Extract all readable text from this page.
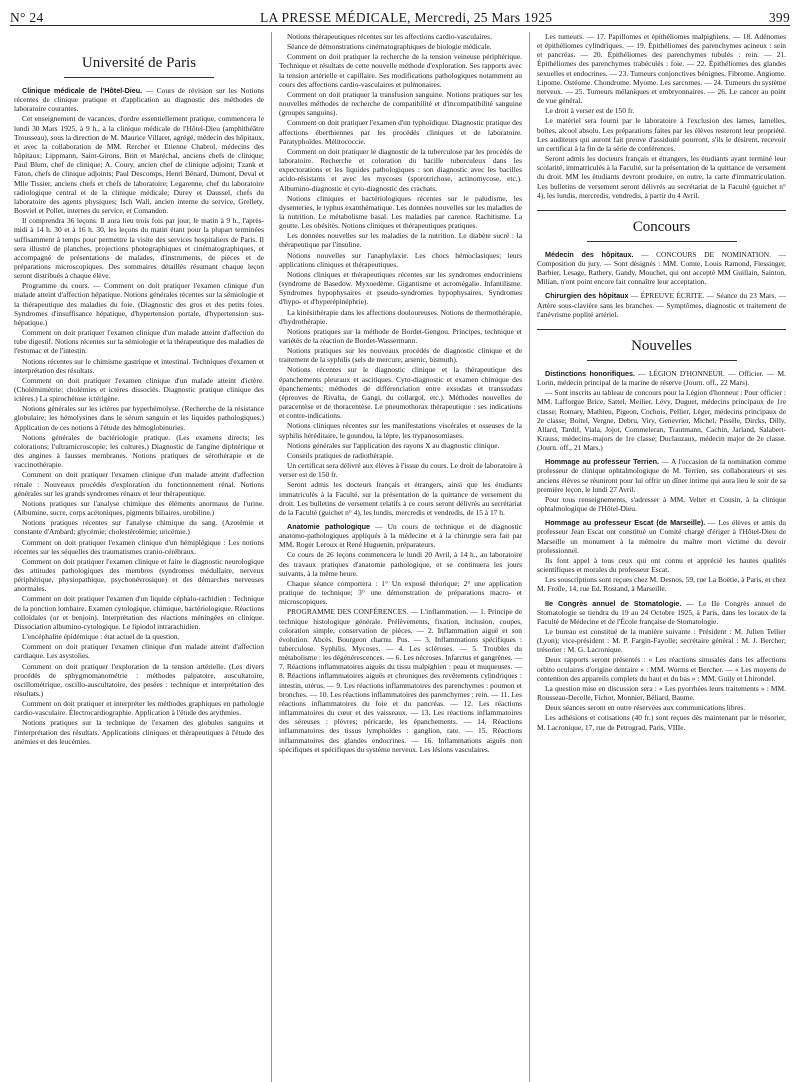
N° 24	LA PRESSE MÉDICALE, Mercredi, 25 Mars 1925	399
Université de Paris

Clinique médicale de l'Hôtel-Dieu. — Cours de révision sur les Notions récentes de clinique pratique et d'application au diagnostic des méthodes de laboratoire courantes.

Cet enseignement de vacances, d'ordre essentiellement pratique, commencera le lundi 30 Mars 1925, à 9 h., à la clinique médicale de l'Hôtel-Dieu (amphithéâtre Trousseau), sous la direction de M. Maurice Villaret, agrégé, médecin des hôpitaux, et avec la collaboration de MM. Rercher et Etienne Chabrol, médecins des hôpitaux; Lippmann, Saint-Girons, Brin et Maréchal, anciens chefs de clinique; Paul Blum, chef de clinique; A. Coury, ancien chef de clinique adjoint; Tzank et Faton, chefs de clinique adjoints; Paul Descomps, Henri Bénard, Dumont, Deval et Mlle Tissier, anciens chefs et chefs de laboratoire; Legarenne, chef du laboratoire radiologique central et de la clinique médicale; Durey et Daussel, chefs du laboratoire des agents physiques; Isch Wall, ancien interne du service, Grellety, Bosviel et Pollet, internes du service, et Comandon.

Il comprendra 36 leçons. Il aura lieu trois fois par jour, le matin à 9 h., l'après-midi à 14 h. 30 et à 16 h. 30, les leçons du matin étant pour la plupart terminées suffisamment à temps pour permettre la visite des services hospitaliers de Paris. Il sera illustré de planches, projections photographiques et cinématographiques, et accompagné de présentations de malades, d'instruments, de pièces et de préparations microscopiques. Des sommaires détaillés résumant chaque leçon seront distribués à chaque élève.

Programme du cours. — Comment on doit pratiquer l'examen clinique d'un malade atteint d'affection hépatique. Notions générales récentes sur la sémiologie et la thérapeutique des maladies du foie. (Diagnostic des gros et des petits foies. Syndromes d'insuffisance hépatique, d'hypertension portale, d'hypertension sus-hépatique.)

Comment on doit pratiquer l'examen clinique d'un malade atteint d'affection du tube digestif. Notions récentes sur la sémiologie et la thérapeutique des maladies de l'estomac et de l'intestin.

Notions récentes sur le chimisme gastrique et intestinal. Techniques d'examen et interprétation des résultats.

Comment on doit pratiquer l'examen clinique d'un malade atteint d'ictère. (Cholémimétrie; cholémies et ictères dissociés. Diagnostic pratique clinique des ictères.) La spirochétose ictérigène.

Notions générales sur les ictères par hyperhémolyse. (Recherche de la résistance globulaire; les hémolysines dans le sérum sanguin et les liquides pathologiques.) Application de ces notions à l'étude des hémoglobinuries.

Notions générales de bactériologie pratique. (Les examens directs; les colorations; l'ultramicroscopie; les cultures.) Diagnostic de l'angine diphtérique et des angines à fausses membranes. Notions pratiques de sérothérapie et de vaccinothérapie.

Comment on doit pratiquer l'examen clinique d'un malade atteint d'affection rénale : Nouveaux procédés d'exploration du fonctionnement rénal. Notions générales sur les grands syndromes rénaux et leur thérapeutique.

Notions pratiques sur l'analyse chimique des éléments anormaux de l'urine. (Albumine, sucre, corps acétoniques, pigments biliaires, urobiline.)

Notions pratiques récentes sur l'analyse chimique du sang. (Azotémie et constante d'Ambard; glycémie; cholestérolémie; uricémie.)

Comment on doit pratiquer l'examen clinique d'un hémiplégique : Les notions récentes sur les séquelles des traumatismes cranio-cérébraux.

Comment on doit pratiquer l'examen clinique et faire le diagnostic neurologique des attitudes pathologiques des membres (syndromes médullaire, nerveux périphérique, physiopathique, psychonévrosique) et des démarches nerveuses anormales.

Comment on doit pratiquer l'examen d'un liquide céphalo-rachidien : Technique de la ponction lombaire. Examen cytologique, chimique, bactériologique. Réactions colloïdales (or et benjoin). Interprétation des réactions méningées en clinique. Dissociation albumino-cytologique. Le lipiodol intrarachidien.

L'encéphalite épidémique : état actuel de la question.

Comment on doit pratiquer l'examen clinique d'un malade atteint d'affection cardiaque. Les asystolies.

Comment on doit pratiquer l'exploration de la tension artérielle. (Les divers procédés de sphygmomanométrie : méthodes palpatoire, auscultatoire, oscillométrique, oscillo-auscultatoire, des pesées : technique et interprétation des résultats.)

Comment on doit pratiquer et interpréter les méthodes graphiques en pathologie cardio-vasculaire. Électrocardiographie. Application à l'étude des arythmies.

Notions pratiques sur la technique de l'examen des globules sanguins et l'interprétation des résultats. Applications cliniques et thérapeutiques à l'étude des anémies et des leucémies.

Notions thérapeutiques récentes sur les affections cardio-vasculaires.

Séance de démonstrations cinématographiques de biologie médicale.

Comment on doit pratiquer la recherche de la tension veineuse périphérique. Technique et résultats de cette nouvelle méthode d'exploration. Ses rapports avec la tension artérielle et capillaire. Ses modifications pathologiques notamment au cours des affections cardio-vasculaires et pulmonaires.

Comment on doit pratiquer la transfusion sanguine. Notions pratiques sur les nouvelles méthodes de recherche de compatibilité et d'incompatibilité sanguine (groupes sanguins).

Comment on doit pratiquer l'examen d'un typhoïdique. Diagnostic pratique des affections éberthiennes par les procédés cliniques et de laboratoire. Paratyphoïdes. Mélitococcie.

Comment on doit pratiquer le diagnostic de la tuberculose par les procédés de laboratoire. Recherche et coloration du bacille tuberculeux dans les expectorations et les liquides pathologiques : son diagnostic avec les bacilles acido-résistants et avec les mycoses (sporotrichose, actinomycose, etc.). Albumino-diagnostic et cyto-diagnostic des crachats.

Notions cliniques et bactériologiques récentes sur le paludisme, les dysenteries, le typhus exanthématique. Les données nouvelles sur les maladies de la nutrition. Le métabolisme basal. Les maladies par carence. Rachitisme. La goutte. Les obésités. Notions cliniques et thérapeutiques pratiques.

Les données nouvelles sur les maladies de la nutrition. Le diabète sucré : la thérapeutique par l'insuline.

Notions nouvelles sur l'anaphylaxie. Les chocs hémoclasiques; leurs applications cliniques et thérapeutiques.

Notions cliniques et thérapeutiques récentes sur les syndromes endocriniens (syndrome de Basedow. Myxoedème. Gigantisme et acromégalie. Infantilisme. Syndromes hypophysaires et pseudo-syndromes hypophysaires. Syndromes d'hypo- et d'hyperépinéphrie).

La kinésithérapie dans les affections douloureuses. Notions de thermothérapie, d'hydrothérapie.

Notions pratiques sur la méthode de Bordet-Gengou. Principes, technique et variétés de la réaction de Bordet-Wassermann.

Notions pratiques sur les nouveaux procédés de diagnostic clinique et de traitement de la syphilis (sels de mercure, arsenic, bismuth).

Notions récentes sur le diagnostic clinique et la thérapeutique des épanchements pleuraux et ascitiques. Cyto-diagnostic et examen chimique des épanchements; méthodes de différenciation entre exsudats et transsudats (épreuves de Rivalta, de Gangi, du collargol, etc.). Méthodes nouvelles de paracentèse et de thoracentèse. Le pneumothorax thérapeutique : ses indications et contre-indications.

Notions cliniques récentes sur les manifestations viscérales et osseuses de la syphilis héréditaire, le goundou, la lèpre, les trypanosomiases.

Notions générales sur l'application des rayons X au diagnostic clinique.

Conseils pratiques de radiothérapie.

Un certificat sera délivré aux élèves à l'issue du cours. Le droit de laboratoire à verser est de 150 fr.

Seront admis les docteurs français et étrangers, ainsi que les étudiants immatriculés à la Faculté, sur la présentation de la quittance de versement du droit. Les bulletins de versement relatifs à ce cours seront délivrés au secrétariat de la Faculté (guichet n° 4), les lundis, mercredis et vendredis, de 15 à 17 h.

Anatomie pathologique — Un cours de technique et de diagnostic anatomo-pathologiques appliqués à la médecine et à la chirurgie sera fait par MM. Roger Leroux et René Huguenin, préparateurs.

Ce cours de 26 leçons commencera le lundi 20 Avril, à 14 h., au laboratoire des travaux pratiques d'anatomie pathologique, et se continuera les jours suivants, à la même heure.

Chaque séance comportera : 1° Un exposé théorique; 2° une application pratique de technique; 3° une démonstration de préparations macro- et microscopiques.

PROGRAMME DES CONFÉRENCES. — L'inflammation. — 1. Principe de technique histologique générale. Prélèvements, fixation, inclusion, coupes, coloration simple, conservation de pièces. — 2. Inflammation aiguë et son évolution. Abcès. Bourgeon charnu. Pus. — 3. Inflammations spécifiques : tuberculose. Syphilis. Mycoses. — 4. Les scléroses. — 5. Troubles du métabolisme : les dégénérescences. — 6. Les nécroses. Infarctus et gangrènes. — 7. Réactions inflammatoires aiguës du tissu malpighien : peau et muqueuses. — 8. Réactions inflammatoires aiguës et chroniques des revêtements cylindriques : intestin, utérus. — 9. Les réactions inflammatoires des parenchymes : poumon et bronches. — 10. Les réactions inflammatoires des parenchymes : rein. — 11. Les réactions inflammatoires du foie et du pancréas. — 12. Les réactions inflammatoires du cœur et des vaisseaux. — 13. Les réactions inflammatoires des séreuses : plèvres; péricarde, les épanchements. — 14. Réactions inflammatoires des tissus lymphoïdes : ganglion, rate. — 15. Réactions inflammatoires des glandes endocrines. — 16. Inflammations aiguës non spécifiques et spécifiques du système nerveux. Les lésions vasculaires.

Les tumeurs. — 17. Papillomes et épithéliomes malpighiens. — 18. Adénomes et épithéliomes cylindriques. — 19. Épithéliomes des parenchymes acineux : sein et pancréas. — 20. Épithéliomes des parenchymes tubulés : rein. — 21. Épithéliomes des parenchymes trabéculés : foie. — 22. Épithéliomes des glandes sexuelles et endocrines. — 23. Tumeurs conjonctives bénignes. Fibrome. Angiome. Lipome. Ostéome. Chondrome. Myome. Les sarcomes. — 24. Tumeurs du système nerveux. — 25. Tumeurs mélaniques et embryonnaires. — 26. Le cancer au point de vue général.

Le droit à verser est de 150 fr.

Le matériel sera fourni par le laboratoire à l'exclusion des lames, lamelles, boîtes, alcool absolu. Les préparations faites par les élèves resteront leur propriété. Les auditeurs qui auront fait preuve d'assiduité pourront, s'ils le désirent, recevoir un certificat à la fin de la série de conférences.

Seront admis les docteurs français et étrangers, les étudiants ayant terminé leur scolarité, immatriculés à la Faculté, sur la présentation de la quittance de versement du droit. MM les étudiants devront produire, en outre, la carte d'immatriculation. Les bulletins de versement seront délivrés au secrétariat de la Faculté (guichet n° 4), les lundis, mercredis, vendredis, à partir du 4 Avril.

Concours

Médecin des hôpitaux. — CONCOURS DE NOMINATION. — Composition du jury. — Sont désignés : MM. Comte, Louis Ramond, Fiessinger, Barbier, Lesage, Rathery, Gandy, Mouchet, qui ont accepté MM Guillain, Sainton, Milian, n'ont point encore fait connaître leur acceptation.

Chirurgien des hôpitaux — ÉPREUVE ÉCRITE. — Séance du 23 Mars. — Artère sous-clavière sans les branches. — Symptômes, diagnostic et traitement de l'anévrisme poplité artériel.

Nouvelles

Distinctions honorifiques. — LÉGION D'HONNEUR. — Officier. — M. Lorin, médecin principal de la marine de réserve (Journ. off., 22 Mars).

— Sont inscrits au tableau de concours pour la Légion d'honneur : Pour officier : MM. Lafforgue Brice, Sattel, Meilier, Lévy, Duguet, médecins principaux de 1re classe; Romary, Mathieu, Pigeon, Cochois, Pellier, Léger, médecins principaux de 2e classe; Boitel, Vergne, Debru, Viry, Genevrier, Michel, Pissèle, Dircks, Dilly, Allard, Tardif, Viala, Jojot, Commeleran, Trautmann, Cachin, Jarland, Salabert-Krauss, médecins-majors de 1re classe; Duclauzaux, médecin major de 2e classe. (Journ. off., 21 Mars.)

Hommage au professeur Terrien. — A l'occasion de la nomination comme professeur de clinique ophtalmologique de M. Terrien, ses collaborateurs et ses anciens élèves se réuniront pour lui offrir un dîner intime qui aura lieu le soir de sa première leçon, le lundi 27 Avril.

Pour tous renseignements, s'adresser à MM. Velter et Cousin, à la clinique ophtalmologique de l'Hôtel-Dieu.

Hommage au professeur Escat (de Marseille). — Les élèves et amis du professeur Jean Escat ont constitué un Comité chargé d'ériger à l'Hôtel-Dieu de Marseille un monument à la mémoire du maître mort victime du devoir professionnel.

Ils font appel à tous ceux qui ont connu et apprécié les hautes qualités scientifiques et morales du professeur Escat.

Les souscriptions sont reçues chez M. Desnos, 59, rue La Boëtie, à Paris, et chez M. Froïle, 14, rue Ed. Rostand, à Marseille.

IIe Congrès annuel de Stomatologie. — Le IIe Congrès annuel de Stomatologie se tiendra du 19 au 24 Octobre 1925, à Paris, dans les locaux de la Faculté de Médecine et de l'École française de Stomatologie.

Le bureau est constitué de la manière suivante : Président : M. Julien Tellier (Lyon); vice-président : M. P. Fargin-Fayolle; secrétaire général : M. J. Bercher; trésorier : M. G. Lacronique.

Deux rapports seront présentés : « Les réactions sinusales dans les affections orbito oculaires d'origine dentaire » : MM. Worms et Bercher. — « Les moyens de contention des appareils complets du haut et du bas » : MM. Guily et Lhirondel.

La question mise en discussion sera : « Les pyorrhées leurs traitements » : MM. Rousseau-Decelle, Fichot, Monnier, Béliard, Baume.

Deux séances seront en outre réservées aux communications libres.

Les adhésions et cotisations (40 fr.) sont reçues dès maintenant par le trésorier, M. Lacronique, 17, rue de Petrograd, Paris, VIIIe.
